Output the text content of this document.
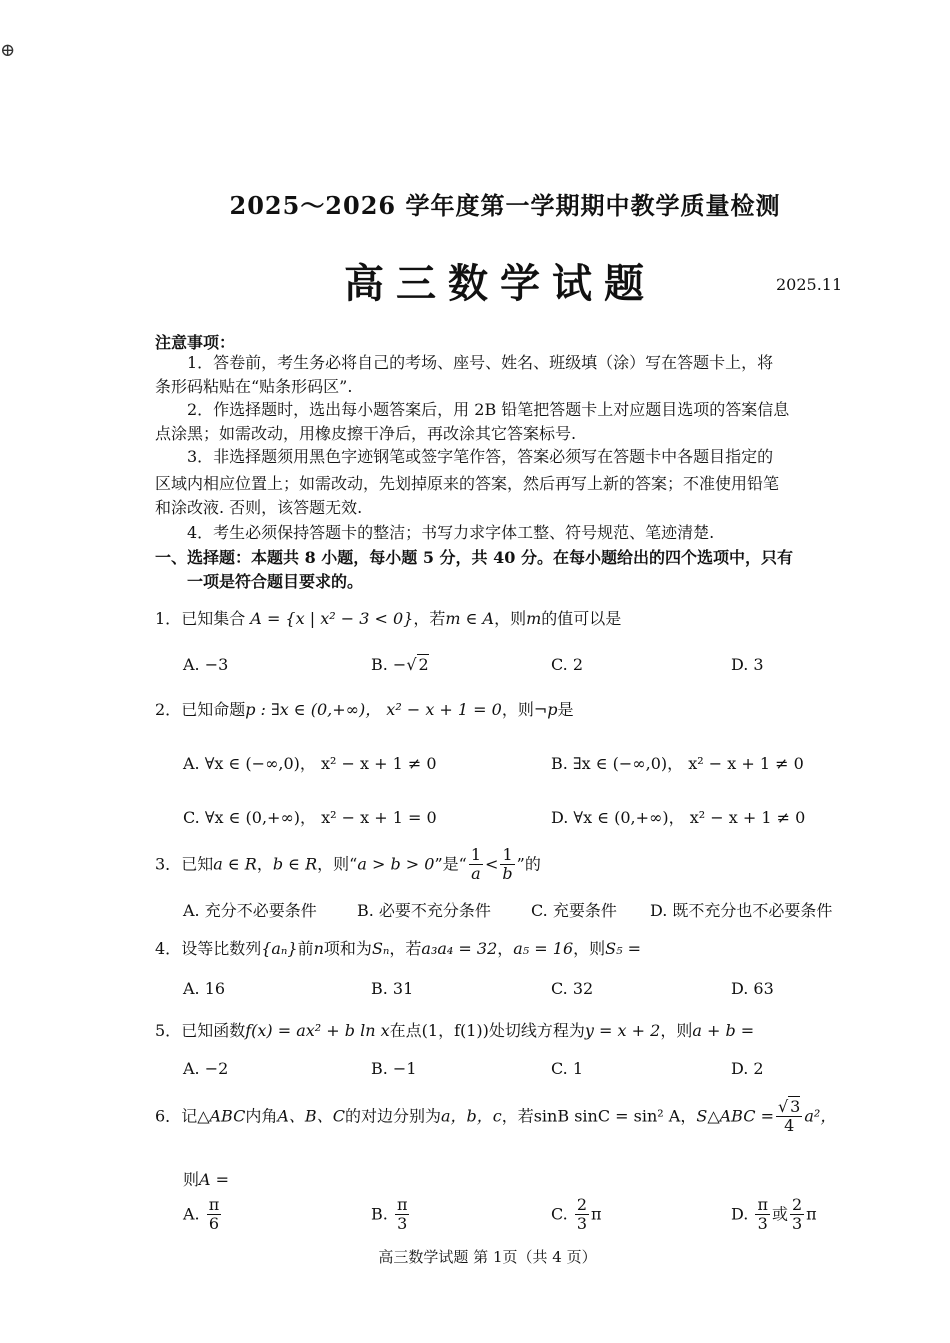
⊕
2025～2026 学年度第一学期期中教学质量检测
高三数学试题	2025.11
注意事项：
1．答卷前，考生务必将自己的考场、座号、姓名、班级填（涂）写在答题卡上，将
条形码粘贴在“贴条形码区”.
2．作选择题时，选出每小题答案后，用 2B 铅笔把答题卡上对应题目选项的答案信息
点涂黑；如需改动，用橡皮擦干净后，再改涂其它答案标号.
3．非选择题须用黑色字迹钢笔或签字笔作答，答案必须写在答题卡中各题目指定的
区域内相应位置上；如需改动，先划掉原来的答案，然后再写上新的答案；不准使用铅笔
和涂改液. 否则，该答题无效.
4．考生必须保持答题卡的整洁；书写力求字体工整、符号规范、笔迹清楚.
一、选择题：本题共 8 小题，每小题 5 分，共 40 分。在每小题给出的四个选项中，只有
一项是符合题目要求的。
1．已知集合 A = {x | x² − 3 < 0}，若m ∈ A，则m的值可以是
A. −3	B. −√ 2	C. 2	D. 3
2．已知命题p : ∃x ∈ (0,+∞)， x² − x + 1 = 0，则¬p是
A. ∀x ∈ (−∞,0)， x² − x + 1 ≠ 0	B. ∃x ∈ (−∞,0)， x² − x + 1 ≠ 0
C. ∀x ∈ (0,+∞)， x² − x + 1 = 0	D. ∀x ∈ (0,+∞)， x² − x + 1 ≠ 0
3．已知a ∈ R，b ∈ R，则“a > b > 0”是“ $\frac{1}{a} < \frac{1}{b}$ ”的
A. 充分不必要条件	B. 必要不充分条件	C. 充要条件 D. 既不充分也不必要条件
4．设等比数列{aₙ}前n项和为Sₙ，若a₃a₄ = 32，a₅ = 16，则S₅ =
A. 16	B. 31	C. 32	D. 63
5．已知函数f(x) = ax² + b ln x在点(1，f(1))处切线方程为y = x + 2，则a + b =
A. −2	B. −1	C. 1	D. 2
6．记△ABC内角A、B、C的对边分别为a，b，c，若sinB sinC = sin² A，S△ABC = $\frac{√ 3}{4} a^2$，
则A =
A. $\frac{\pi}{6}$	B. $\frac{\pi}{3}$	C. $\frac{2}{3}$ π	D. $\frac{\pi}{3}$ 或 $\frac{2}{3}$ π
高三数学试题 第 1页（共 4 页）
